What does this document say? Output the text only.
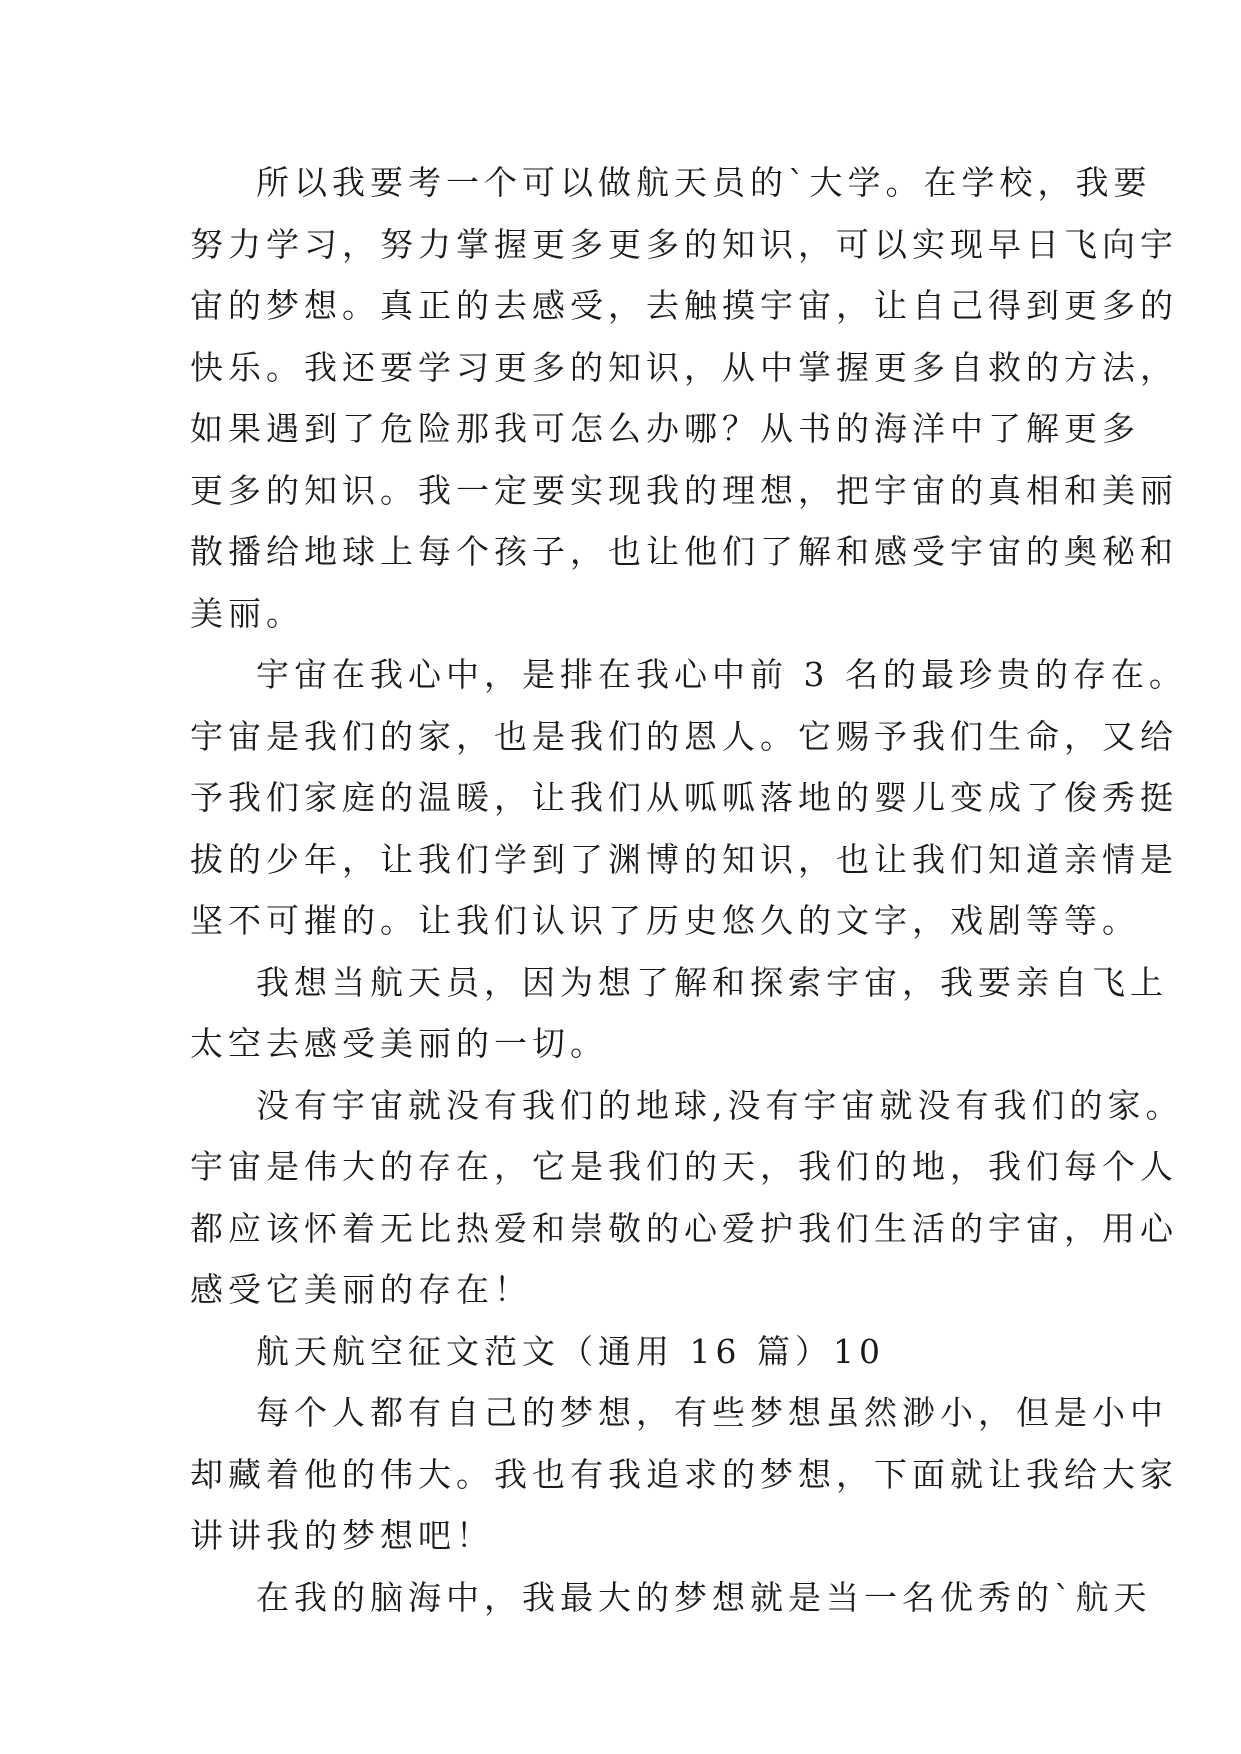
所以我要考一个可以做航天员的`大学。在学校，我要
努力学习，努力掌握更多更多的知识，可以实现早日飞向宇
宙的梦想。真正的去感受，去触摸宇宙，让自己得到更多的
快乐。我还要学习更多的知识，从中掌握更多自救的方法，
如果遇到了危险那我可怎么办哪？从书的海洋中了解更多
更多的知识。我一定要实现我的理想，把宇宙的真相和美丽
散播给地球上每个孩子，也让他们了解和感受宇宙的奥秘和
美丽。
宇宙在我心中，是排在我心中前 3 名的最珍贵的存在。
宇宙是我们的家，也是我们的恩人。它赐予我们生命，又给
予我们家庭的温暖，让我们从呱呱落地的婴儿变成了俊秀挺
拔的少年，让我们学到了渊博的知识，也让我们知道亲情是
坚不可摧的。让我们认识了历史悠久的文字，戏剧等等。
我想当航天员，因为想了解和探索宇宙，我要亲自飞上
太空去感受美丽的一切。
没有宇宙就没有我们的地球,没有宇宙就没有我们的家。
宇宙是伟大的存在，它是我们的天，我们的地，我们每个人
都应该怀着无比热爱和崇敬的心爱护我们生活的宇宙，用心
感受它美丽的存在！
航天航空征文范文（通用 16 篇）10
每个人都有自己的梦想，有些梦想虽然渺小，但是小中
却藏着他的伟大。我也有我追求的梦想，下面就让我给大家
讲讲我的梦想吧！
在我的脑海中，我最大的梦想就是当一名优秀的`航天
